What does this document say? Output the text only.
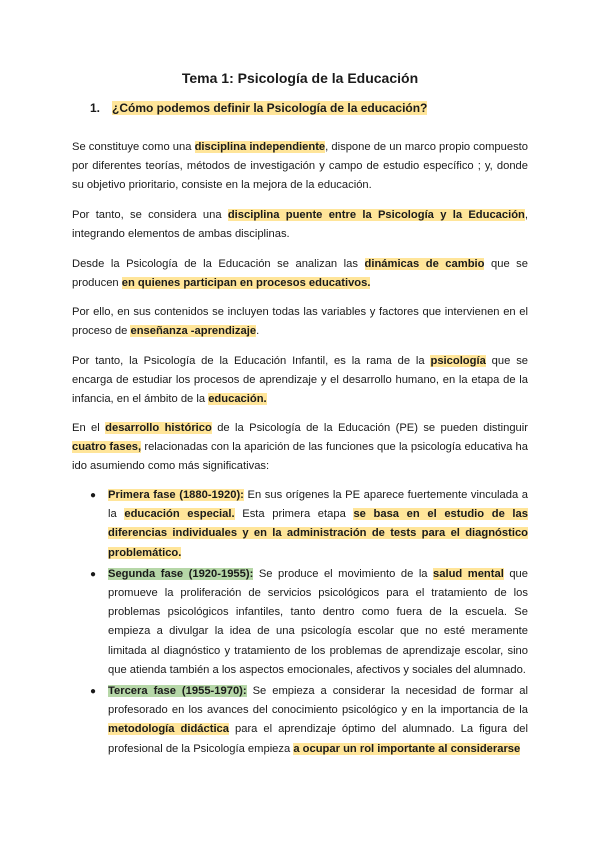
Tema 1: Psicología de la Educación
1. ¿Cómo podemos definir la Psicología de la educación?

Se constituye como una disciplina independiente, dispone de un marco propio compuesto por diferentes teorías, métodos de investigación y campo de estudio específico ; y, donde su objetivo prioritario, consiste en la mejora de la educación.

Por tanto, se considera una disciplina puente entre la Psicología y la Educación, integrando elementos de ambas disciplinas.

Desde la Psicología de la Educación se analizan las dinámicas de cambio que se producen en quienes participan en procesos educativos.

Por ello, en sus contenidos se incluyen todas las variables y factores que intervienen en el proceso de enseñanza -aprendizaje.

Por tanto, la Psicología de la Educación Infantil, es la rama de la psicología que se encarga de estudiar los procesos de aprendizaje y el desarrollo humano, en la etapa de la infancia, en el ámbito de la educación.

En el desarrollo histórico de la Psicología de la Educación (PE) se pueden distinguir cuatro fases, relacionadas con la aparición de las funciones que la psicología educativa ha ido asumiendo como más significativas:

● Primera fase (1880-1920): En sus orígenes la PE aparece fuertemente vinculada a la educación especial. Esta primera etapa se basa en el estudio de las diferencias individuales y en la administración de tests para el diagnóstico problemático.
● Segunda fase (1920-1955): Se produce el movimiento de la salud mental que promueve la proliferación de servicios psicológicos para el tratamiento de los problemas psicológicos infantiles, tanto dentro como fuera de la escuela. Se empieza a divulgar la idea de una psicología escolar que no esté meramente limitada al diagnóstico y tratamiento de los problemas de aprendizaje escolar, sino que atienda también a los aspectos emocionales, afectivos y sociales del alumnado.
● Tercera fase (1955-1970): Se empieza a considerar la necesidad de formar al profesorado en los avances del conocimiento psicológico y en la importancia de la metodología didáctica para el aprendizaje óptimo del alumnado. La figura del profesional de la Psicología empieza a ocupar un rol importante al considerarse
